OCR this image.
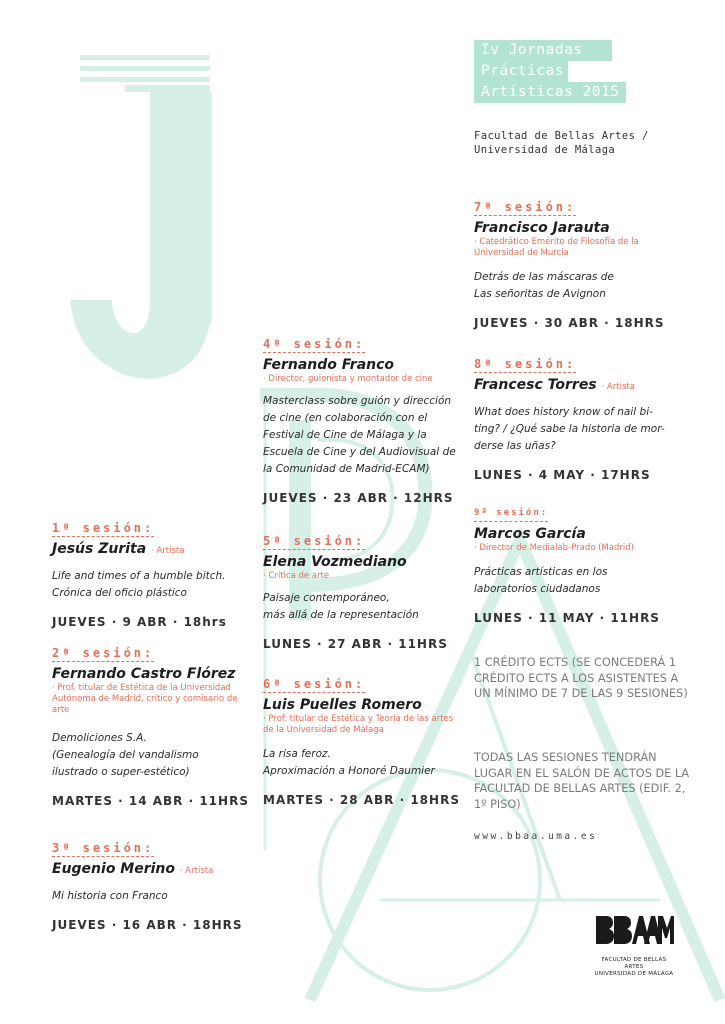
Iv Jornadas
Prácticas
Artísticas 2015
Facultad de Bellas Artes /
Universidad de Málaga
1ª sesión:
Jesús Zurita · Artista
Life and times of a humble bitch.
Crónica del oficio plástico
JUEVES · 9 ABR · 18hrs
2ª sesión:
Fernando Castro Flórez
· Prof. titular de Estética de la Universidad Autónoma de Madrid, crítico y comisario de arte
Demoliciones S.A.
(Genealogía del vandalismo
ilustrado o super-estético)
MARTES · 14 ABR · 11HRS
3ª sesión:
Eugenio Merino · Artista
Mi historia con Franco
JUEVES · 16 ABR · 18HRS
4ª sesión:
Fernando Franco
· Director, guionista y montador de cine
Masterclass sobre guión y dirección
de cine (en colaboración con el
Festival de Cine de Málaga y la
Escuela de Cine y del Audiovisual de
la Comunidad de Madrid-ECAM)
JUEVES · 23 ABR · 12HRS
5ª sesión:
Elena Vozmediano
· Crítica de arte
Paisaje contemporáneo,
más allá de la representación
LUNES · 27 ABR · 11HRS
6ª sesión:
Luis Puelles Romero
· Prof. titular de Estética y Teoría de las artes de la Universidad de Málaga
La risa feroz.
Aproximación a Honoré Daumier
MARTES · 28 ABR · 18HRS
7ª sesión:
Francisco Jarauta
· Catedrático Emérito de Filosofía de la Universidad de Murcia
Detrás de las máscaras de
Las señoritas de Avignon
JUEVES · 30 ABR · 18HRS
8ª sesión:
Francesc Torres · Artista
What does history know of nail bi-
ting? / ¿Qué sabe la historia de mor-
derse las uñas?
LUNES · 4 MAY · 17HRS
9ª sesión:
Marcos García
· Director de Medialab-Prado (Madrid)
Prácticas artísticas en los
laboratorios ciudadanos
LUNES · 11 MAY · 11HRS
1 CRÉDITO ECTS (SE CONCEDERÁ 1 CRÉDITO ECTS A LOS ASISTENTES A UN MÍNIMO DE 7 DE LAS 9 SESIONES)
TODAS LAS SESIONES TENDRÁN LUGAR EN EL SALÓN DE ACTOS DE LA FACULTAD DE BELLAS ARTES (EDIF. 2, 1º PISO)
www.bbaa.uma.es
FACULTAD DE BELLAS ARTES
UNIVERSIDAD DE MÁLAGA
